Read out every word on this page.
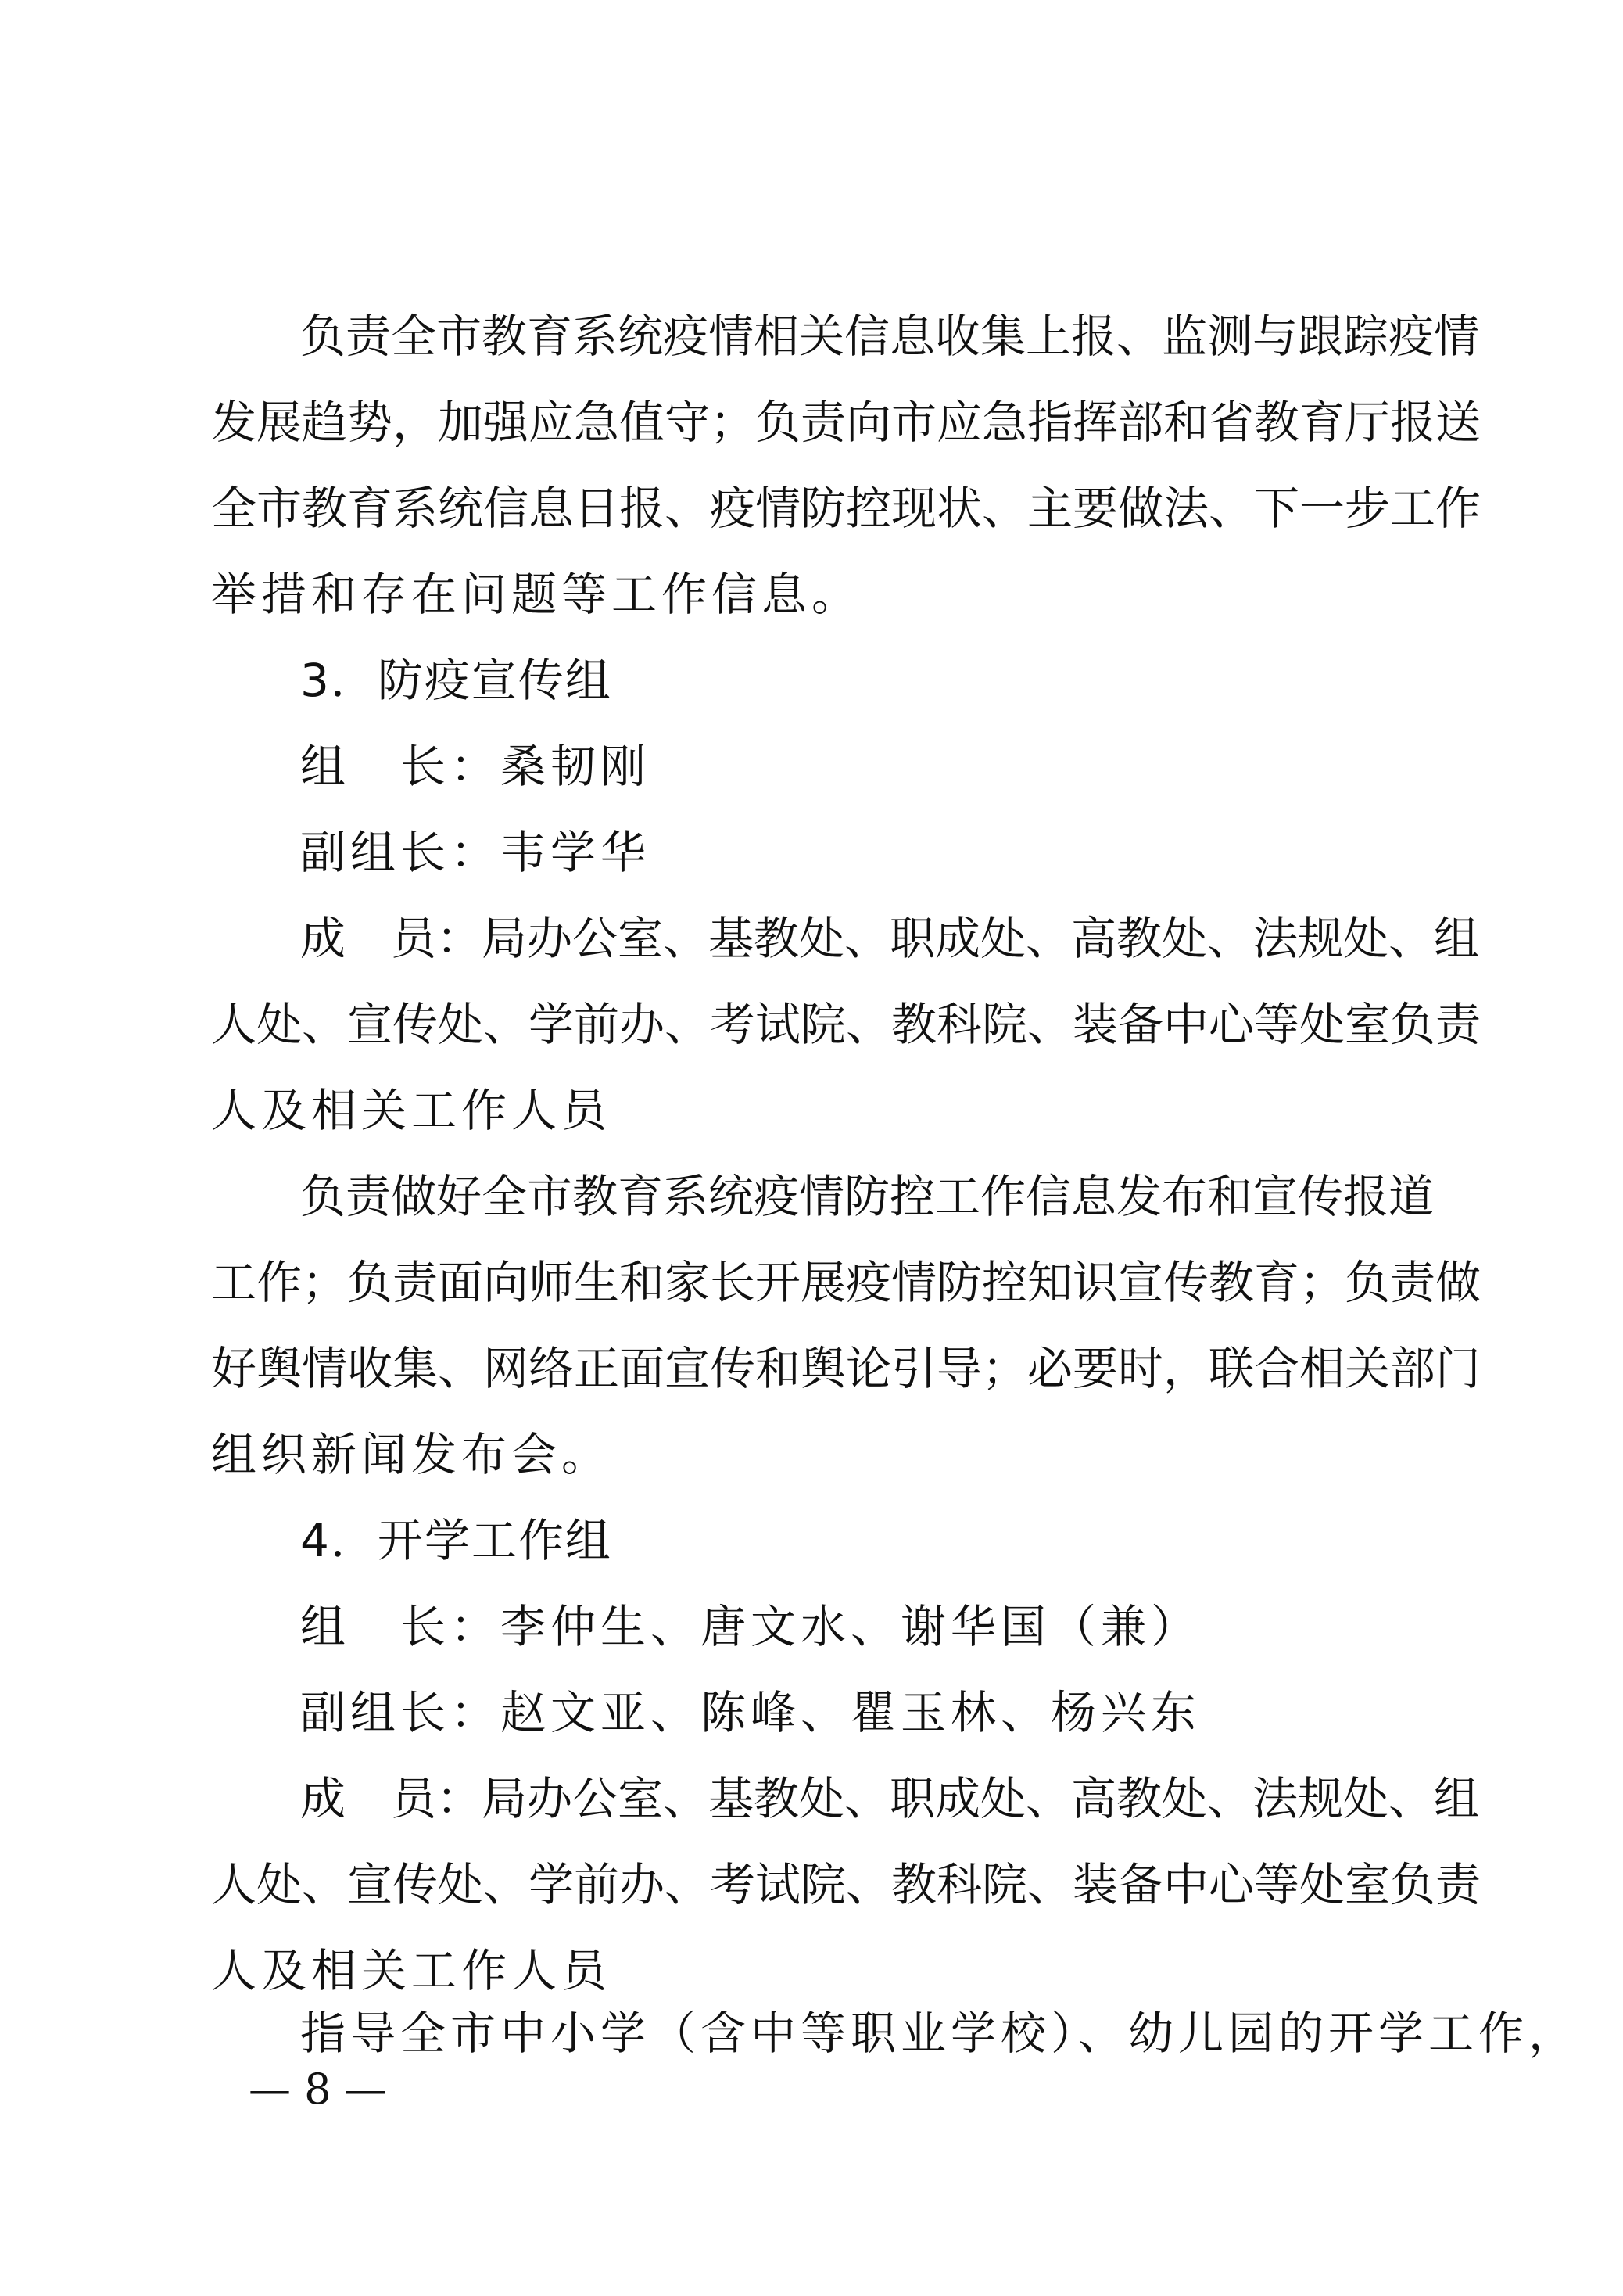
负责全市教育系统疫情相关信息收集上报、监测与跟踪疫情
发展趋势，加强应急值守；负责向市应急指挥部和省教育厅报送
全市教育系统信息日报、疫情防控现状、主要做法、下一步工作
举措和存在问题等工作信息。
3．防疫宣传组
组　长：桑韧刚
副组长：韦学华
成　员：局办公室、基教处、职成处、高教处、法规处、组
人处、宣传处、学前办、考试院、教科院、装备中心等处室负责
人及相关工作人员
负责做好全市教育系统疫情防控工作信息发布和宣传报道
工作；负责面向师生和家长开展疫情防控知识宣传教育；负责做
好舆情收集、网络正面宣传和舆论引导；必要时，联合相关部门
组织新闻发布会。
4．开学工作组
组　长：李仲生、唐文水、谢华国（兼）
副组长：赵文亚、陈峰、瞿玉林、杨兴东
成　员：局办公室、基教处、职成处、高教处、法规处、组
人处、宣传处、学前办、考试院、教科院、装备中心等处室负责
人及相关工作人员
指导全市中小学（含中等职业学校）、幼儿园的开学工作，
— 8 —
